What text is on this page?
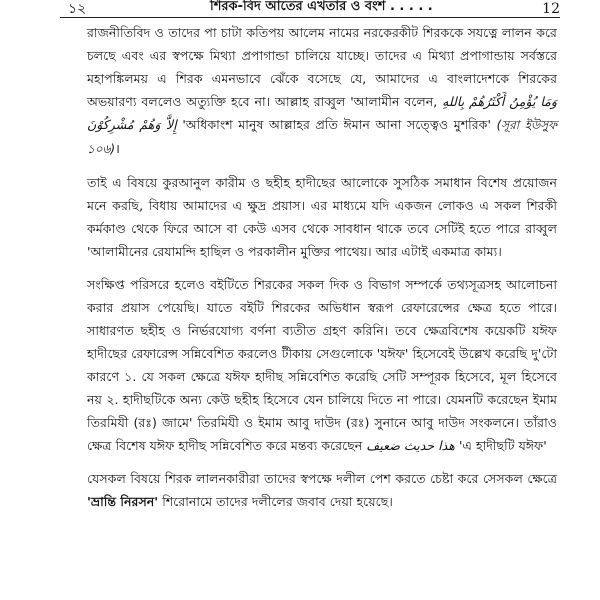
১২	শিরক-বিদ আতের এখতার ও বংশ . . . . .	12

রাজনীতিবিদ ও তাদের পা চাটা কতিপয় আলেম নামের নরকেরকীট শিরককে সযত্নে লালন করে চলছে এবং এর স্বপক্ষে মিথ্যা প্রপাগান্ডা চালিয়ে যাচ্ছে। তাদের এ মিথ্যা প্রপাগান্ডায় সর্বস্তরে মহাপঙ্কিলময় এ শিরক এমনভাবে ঝেঁকে বসেছে যে, আমাদের এ বাংলাদেশকে শিরকের অভয়ারণ্য বললেও অত্যুক্তি হবে না। আল্লাহ রাব্বুল 'আলামীন বলেন, وَمَا يُؤْمِنُ أَكْثَرُهُمْ بِاللهِ إِلاَّ وَهُمْ مُشْرِكُوْنَ 'অধিকাংশ মানুষ আল্লাহর প্রতি ঈমান আনা সত্ত্বেও মুশরিক' (সূরা ইউসুফ ১০৬)।

তাই এ বিষয়ে কুরআনুল কারীম ও ছহীহ হাদীছের আলোকে সুসঠিক সমাধান বিশেষ প্রয়োজন মনে করছি, বিধায় আমাদের এ ক্ষুদ্র প্রয়াস। এর মাধ্যমে যদি একজন লোকও এ সকল শিরকী কর্মকাণ্ড থেকে ফিরে আসে বা কেউ এসব থেকে সাবধান থাকে তবে সেটিই হতে পারে রাব্বুল 'আলামীনের রেযামন্দি হাছিল ও পরকালীন মুক্তির পাথেয়। আর এটাই একমাত্র কাম্য।

সংক্ষিপ্ত পরিসরে হলেও বইটিতে শিরকের সকল দিক ও বিভাগ সম্পর্কে তথ্যসূত্রসহ আলোচনা করার প্রয়াস পেয়েছি। যাতে বইটি শিরকের অভিধান স্বরূপ রেফারেন্সের ক্ষেত্র হতে পারে। সাধারণত ছহীহ ও নির্ভরযোগ্য বর্ণনা ব্যতীত গ্রহণ করিনি। তবে ক্ষেত্রবিশেষ কয়েকটি যঈফ হাদীছের রেফারেন্স সন্নিবেশিত করলেও টীকায় সেগুলোকে 'যঈফ' হিসেবেই উল্লেখ করেছি দু'টো কারণে ১. যে সকল ক্ষেত্রে যঈফ হাদীছ সন্নিবেশিত করেছি সেটি সম্পূরক হিসেবে, মূল হিসেবে নয় ২. হাদীছটিকে অন্য কেউ ছহীহ হিসেবে যেন চালিয়ে দিতে না পারে। যেমনটি করেছেন ইমাম তিরমিযী (রঃ) জামে' তিরমিযী ও ইমাম আবু দাউদ (রঃ) সুনানে আবু দাউদ সংকলনে। তাঁরাও ক্ষেত্র বিশেষ যঈফ হাদীছ সন্নিবেশিত করে মন্তব্য করেছেন هذا حديث ضعيف 'এ হাদীছটি যঈফ'

যেসকল বিষয়ে শিরক লালনকারীরা তাদের স্বপক্ষে দলীল পেশ করতে চেষ্টা করে সেসকল ক্ষেত্রে 'ভ্রান্তি নিরসন' শিরোনামে তাদের দলীলের জবাব দেয়া হয়েছে।
